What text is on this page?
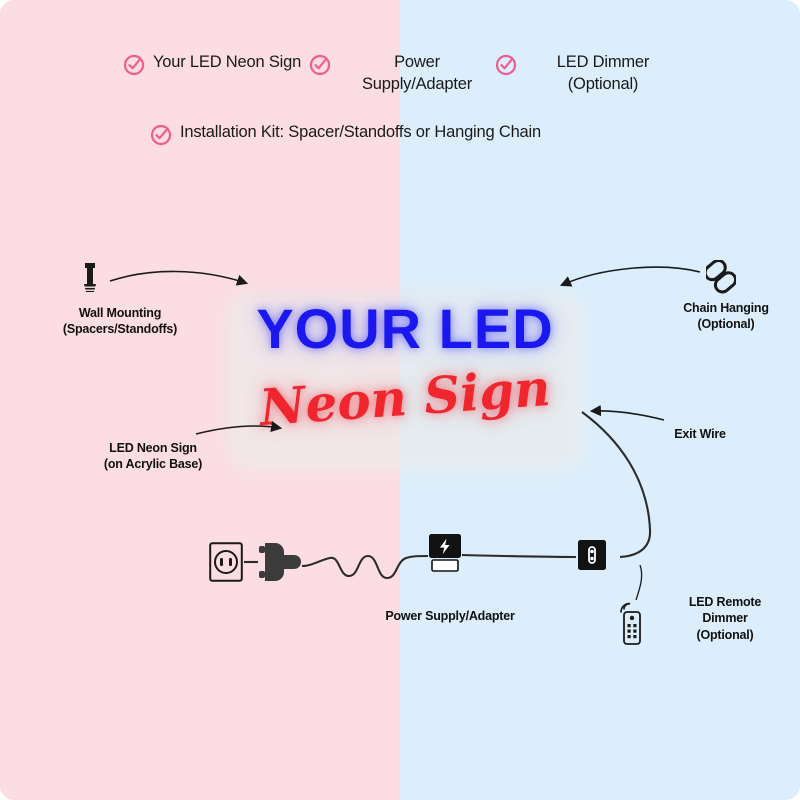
Your LED Neon Sign	Power Supply/Adapter
LED Dimmer (Optional)
Installation Kit: Spacer/Standoffs or Hanging Chain
YOUR LED
Neon Sign
Wall Mounting
(Spacers/Standoffs)
Chain Hanging
(Optional)
LED Neon Sign
(on Acrylic Base)
Exit Wire
Power Supply/Adapter
LED Remote
Dimmer
(Optional)
